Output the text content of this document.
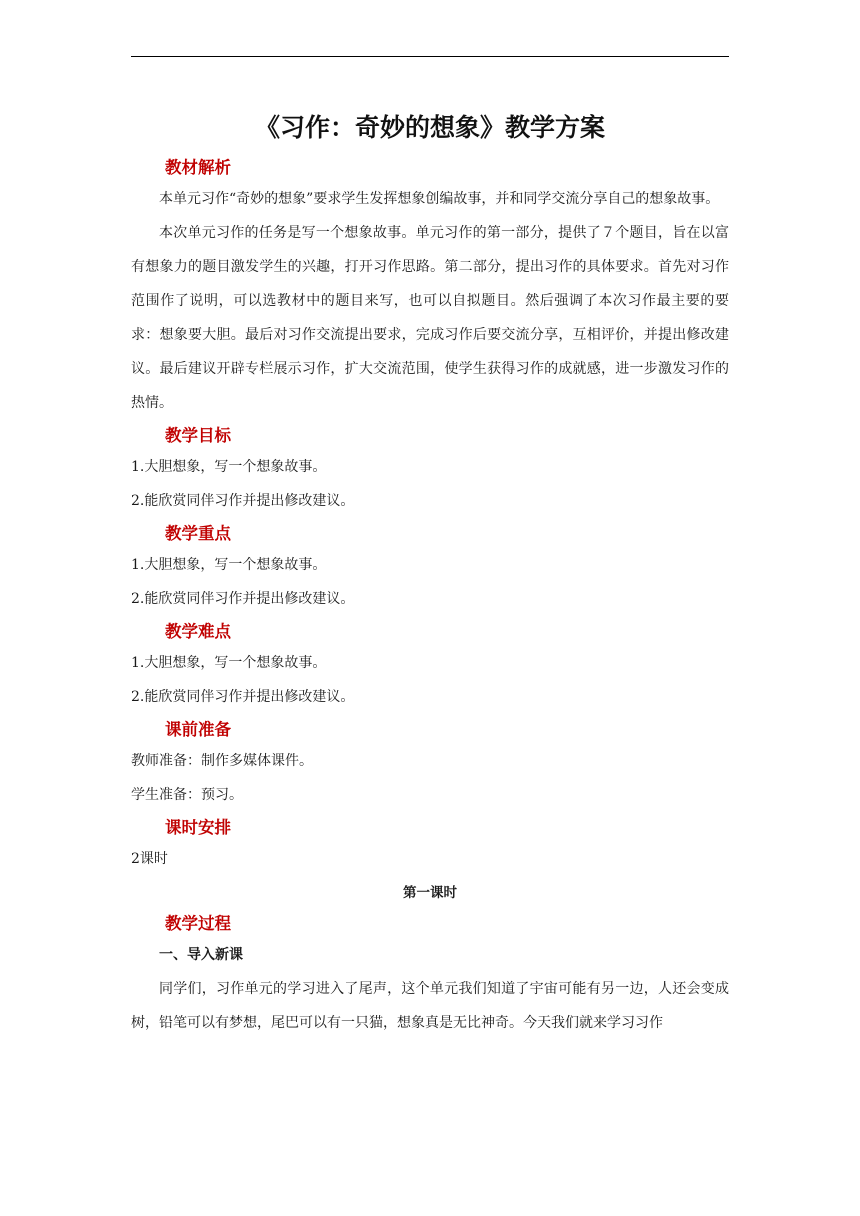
《习作：奇妙的想象》教学方案
教材解析

本单元习作“奇妙的想象”要求学生发挥想象创编故事，并和同学交流分享自己的想象故事。

本次单元习作的任务是写一个想象故事。单元习作的第一部分，提供了７个题目，旨在以富有想象力的题目激发学生的兴趣，打开习作思路。第二部分，提出习作的具体要求。首先对习作范围作了说明，可以选教材中的题目来写，也可以自拟题目。然后强调了本次习作最主要的要求：想象要大胆。最后对习作交流提出要求，完成习作后要交流分享，互相评价，并提出修改建议。最后建议开辟专栏展示习作，扩大交流范围，使学生获得习作的成就感，进一步激发习作的热情。

教学目标

1.大胆想象，写一个想象故事。

2.能欣赏同伴习作并提出修改建议。

教学重点

1.大胆想象，写一个想象故事。

2.能欣赏同伴习作并提出修改建议。

教学难点

1.大胆想象，写一个想象故事。

2.能欣赏同伴习作并提出修改建议。

课前准备

教师准备：制作多媒体课件。

学生准备：预习。

课时安排

2课时

第一课时
教学过程
一、导入新课

同学们，习作单元的学习进入了尾声，这个单元我们知道了宇宙可能有另一边，人还会变成树，铅笔可以有梦想，尾巴可以有一只猫，想象真是无比神奇。今天我们就来学习习作
